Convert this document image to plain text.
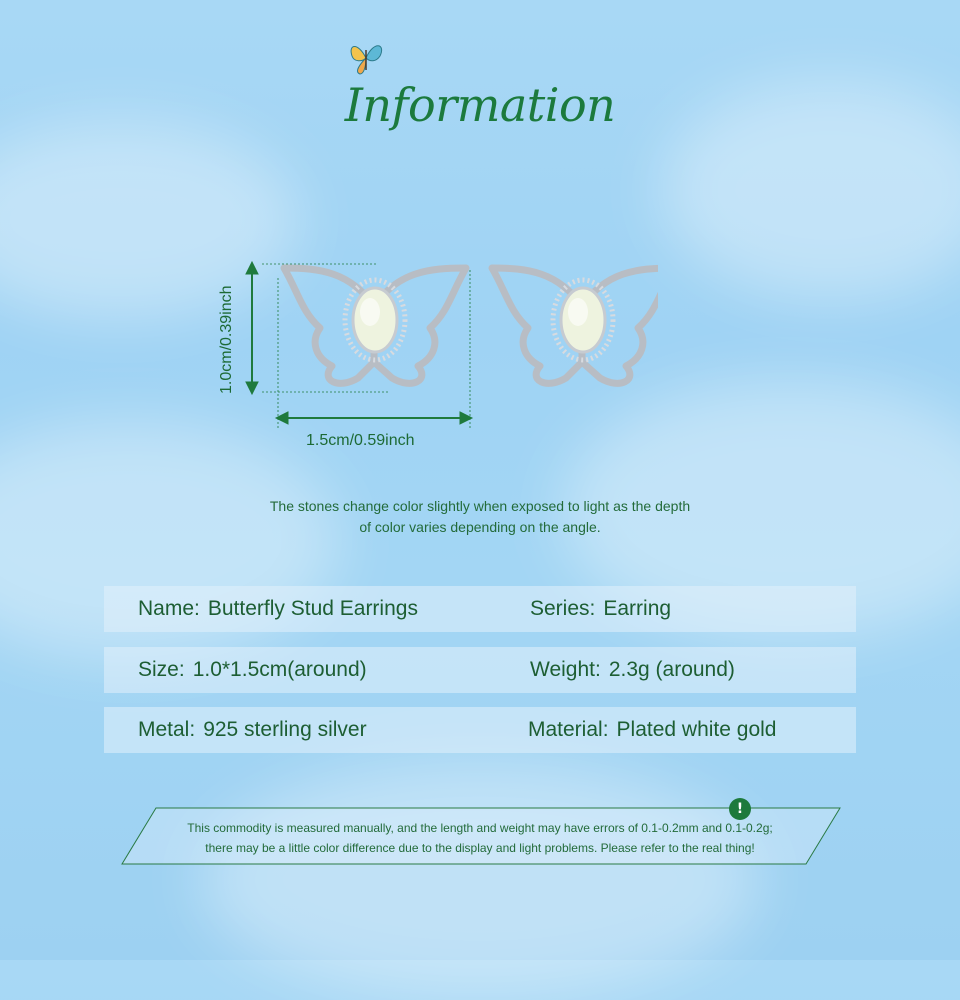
Information
1.5cm/0.59inch
1.0cm/0.39inch
The stones change color slightly when exposed to light as the depth
of color varies depending on the angle.
Name: Butterfly Stud Earrings	Series: Earring
Size: 1.0*1.5cm(around)	Weight: 2.3g (around)
Metal: 925 sterling silver	Material: Plated white gold
!
This commodity is measured manually, and the length and weight may have errors of 0.1-0.2mm and 0.1-0.2g;
there may be a little color difference due to the display and light problems. Please refer to the real thing!
